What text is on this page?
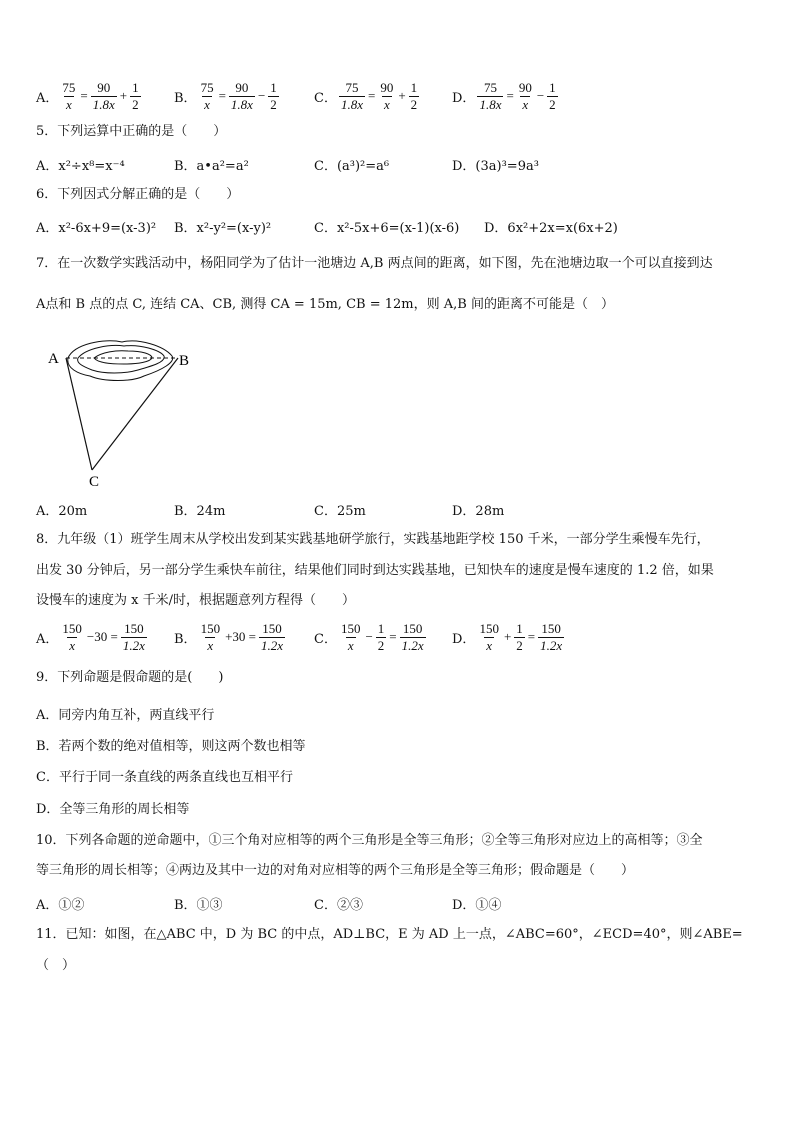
A． $\frac{75}{x} = \frac{90}{1.8x} + \frac{1}{2}$	B． $\frac{75}{x} = \frac{90}{1.8x} - \frac{1}{2}$	C． $\frac{75}{1.8x} = \frac{90}{x} + \frac{1}{2}$	D． $\frac{75}{1.8x} = \frac{90}{x} - \frac{1}{2}$
5．下列运算中正确的是（　　）
A．x²÷x⁸=x⁻⁴	B．a•a²=a²	C．(a³)²=a⁶	D．(3a)³=9a³
6．下列因式分解正确的是（　　）
A．x²-6x+9=(x-3)² B．x²-y²=(x-y)²	C．x²-5x+6=(x-1)(x-6) D．6x²+2x=x(6x+2)
7．在一次数学实践活动中，杨阳同学为了估计一池塘边 A,B 两点间的距离，如下图，先在池塘边取一个可以直接到达
A点和 B 点的点 C, 连结 CA、CB, 测得 CA = 15m, CB = 12m，则 A,B 间的距离不可能是（　）
A	B
C
A．20m	B．24m	C．25m	D．28m
8．九年级（1）班学生周末从学校出发到某实践基地研学旅行，实践基地距学校 150 千米，一部分学生乘慢车先行，
出发 30 分钟后，另一部分学生乘快车前往，结果他们同时到达实践基地，已知快车的速度是慢车速度的 1.2 倍，如果
设慢车的速度为 x 千米/时，根据题意列方程得（　　）
A． $\frac{150}{x} -30 = \frac{150}{1.2x}$ B． $\frac{150}{x} +30 = \frac{150}{1.2x}$ C． $\frac{150}{x} - \frac{1}{2} = \frac{150}{1.2x}$ D． $\frac{150}{x} + \frac{1}{2} = \frac{150}{1.2x}$
9．下列命题是假命题的是(　　)
A．同旁内角互补，两直线平行
B．若两个数的绝对值相等，则这两个数也相等
C．平行于同一条直线的两条直线也互相平行
D．全等三角形的周长相等
10．下列各命题的逆命题中，①三个角对应相等的两个三角形是全等三角形；②全等三角形对应边上的高相等；③全
等三角形的周长相等；④两边及其中一边的对角对应相等的两个三角形是全等三角形；假命题是（　　）
A．①②	B．①③	C．②③	D．①④
11．已知：如图，在△ABC 中，D 为 BC 的中点，AD⊥BC，E 为 AD 上一点，∠ABC=60°，∠ECD=40°，则∠ABE=
（　）
